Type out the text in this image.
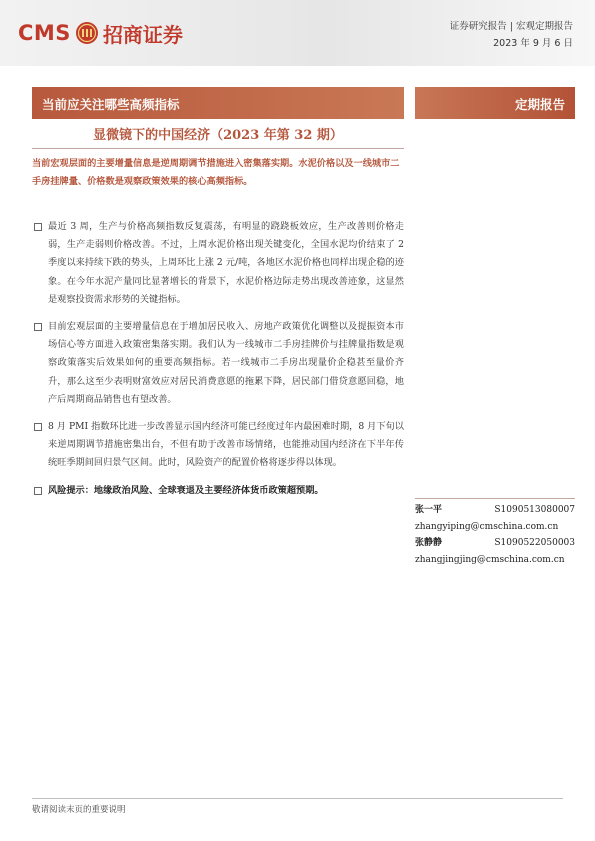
CMS 招商证券	证券研究报告 | 宏观定期报告
2023 年 9 月 6 日
当前应关注哪些高频指标	定期报告
显微镜下的中国经济（2023 年第 32 期）
当前宏观层面的主要增量信息是逆周期调节措施进入密集落实期。水泥价格以及一线城市二手房挂牌量、价格数是观察政策效果的核心高频指标。
最近 3 周，生产与价格高频指数反复震荡，有明显的跷跷板效应，生产改善则价格走弱，生产走弱则价格改善。不过，上周水泥价格出现关键变化，全国水泥均价结束了 2 季度以来持续下跌的势头，上周环比上涨 2 元/吨，各地区水泥价格也同样出现企稳的迹象。在今年水泥产量同比显著增长的背景下，水泥价格边际走势出现改善迹象，这显然是观察投资需求形势的关键指标。
目前宏观层面的主要增量信息在于增加居民收入、房地产政策优化调整以及提振资本市场信心等方面进入政策密集落实期。我们认为一线城市二手房挂牌价与挂牌量指数是观察政策落实后效果如何的重要高频指标。若一线城市二手房出现量价企稳甚至量价齐升，那么这至少表明财富效应对居民消费意愿的拖累下降，居民部门借贷意愿回稳，地产后周期商品销售也有望改善。
8 月 PMI 指数环比进一步改善显示国内经济可能已经度过年内最困难时期，8 月下旬以来逆周期调节措施密集出台，不但有助于改善市场情绪，也能推动国内经济在下半年传统旺季期间回归景气区间。此时，风险资产的配置价格将逐步得以体现。
风险提示：地缘政治风险、全球衰退及主要经济体货币政策超预期。
张一平	S1090513080007
zhangyiping@cmschina.com.cn
张静静	S1090522050003
zhangjingjing@cmschina.com.cn
敬请阅读末页的重要说明
